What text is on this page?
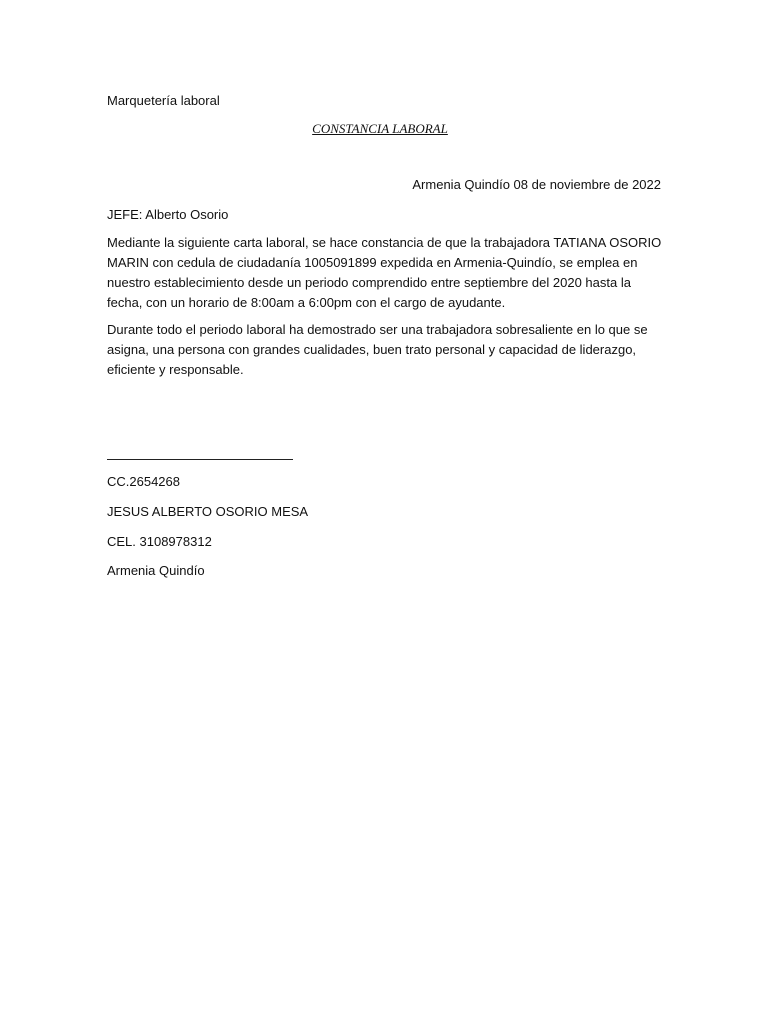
Marquetería laboral
CONSTANCIA LABORAL
Armenia Quindío 08 de noviembre de 2022
JEFE: Alberto Osorio

Mediante la siguiente carta laboral, se hace constancia de que la trabajadora TATIANA OSORIO MARIN con cedula de ciudadanía 1005091899 expedida en Armenia-Quindío, se emplea en nuestro establecimiento desde un periodo comprendido entre septiembre del 2020 hasta la fecha, con un horario de 8:00am a 6:00pm con el cargo de ayudante.

Durante todo el periodo laboral ha demostrado ser una trabajadora sobresaliente en lo que se asigna, una persona con grandes cualidades, buen trato personal y capacidad de liderazgo, eficiente y responsable.

CC.2654268
JESUS ALBERTO OSORIO MESA
CEL. 3108978312
Armenia Quindío
